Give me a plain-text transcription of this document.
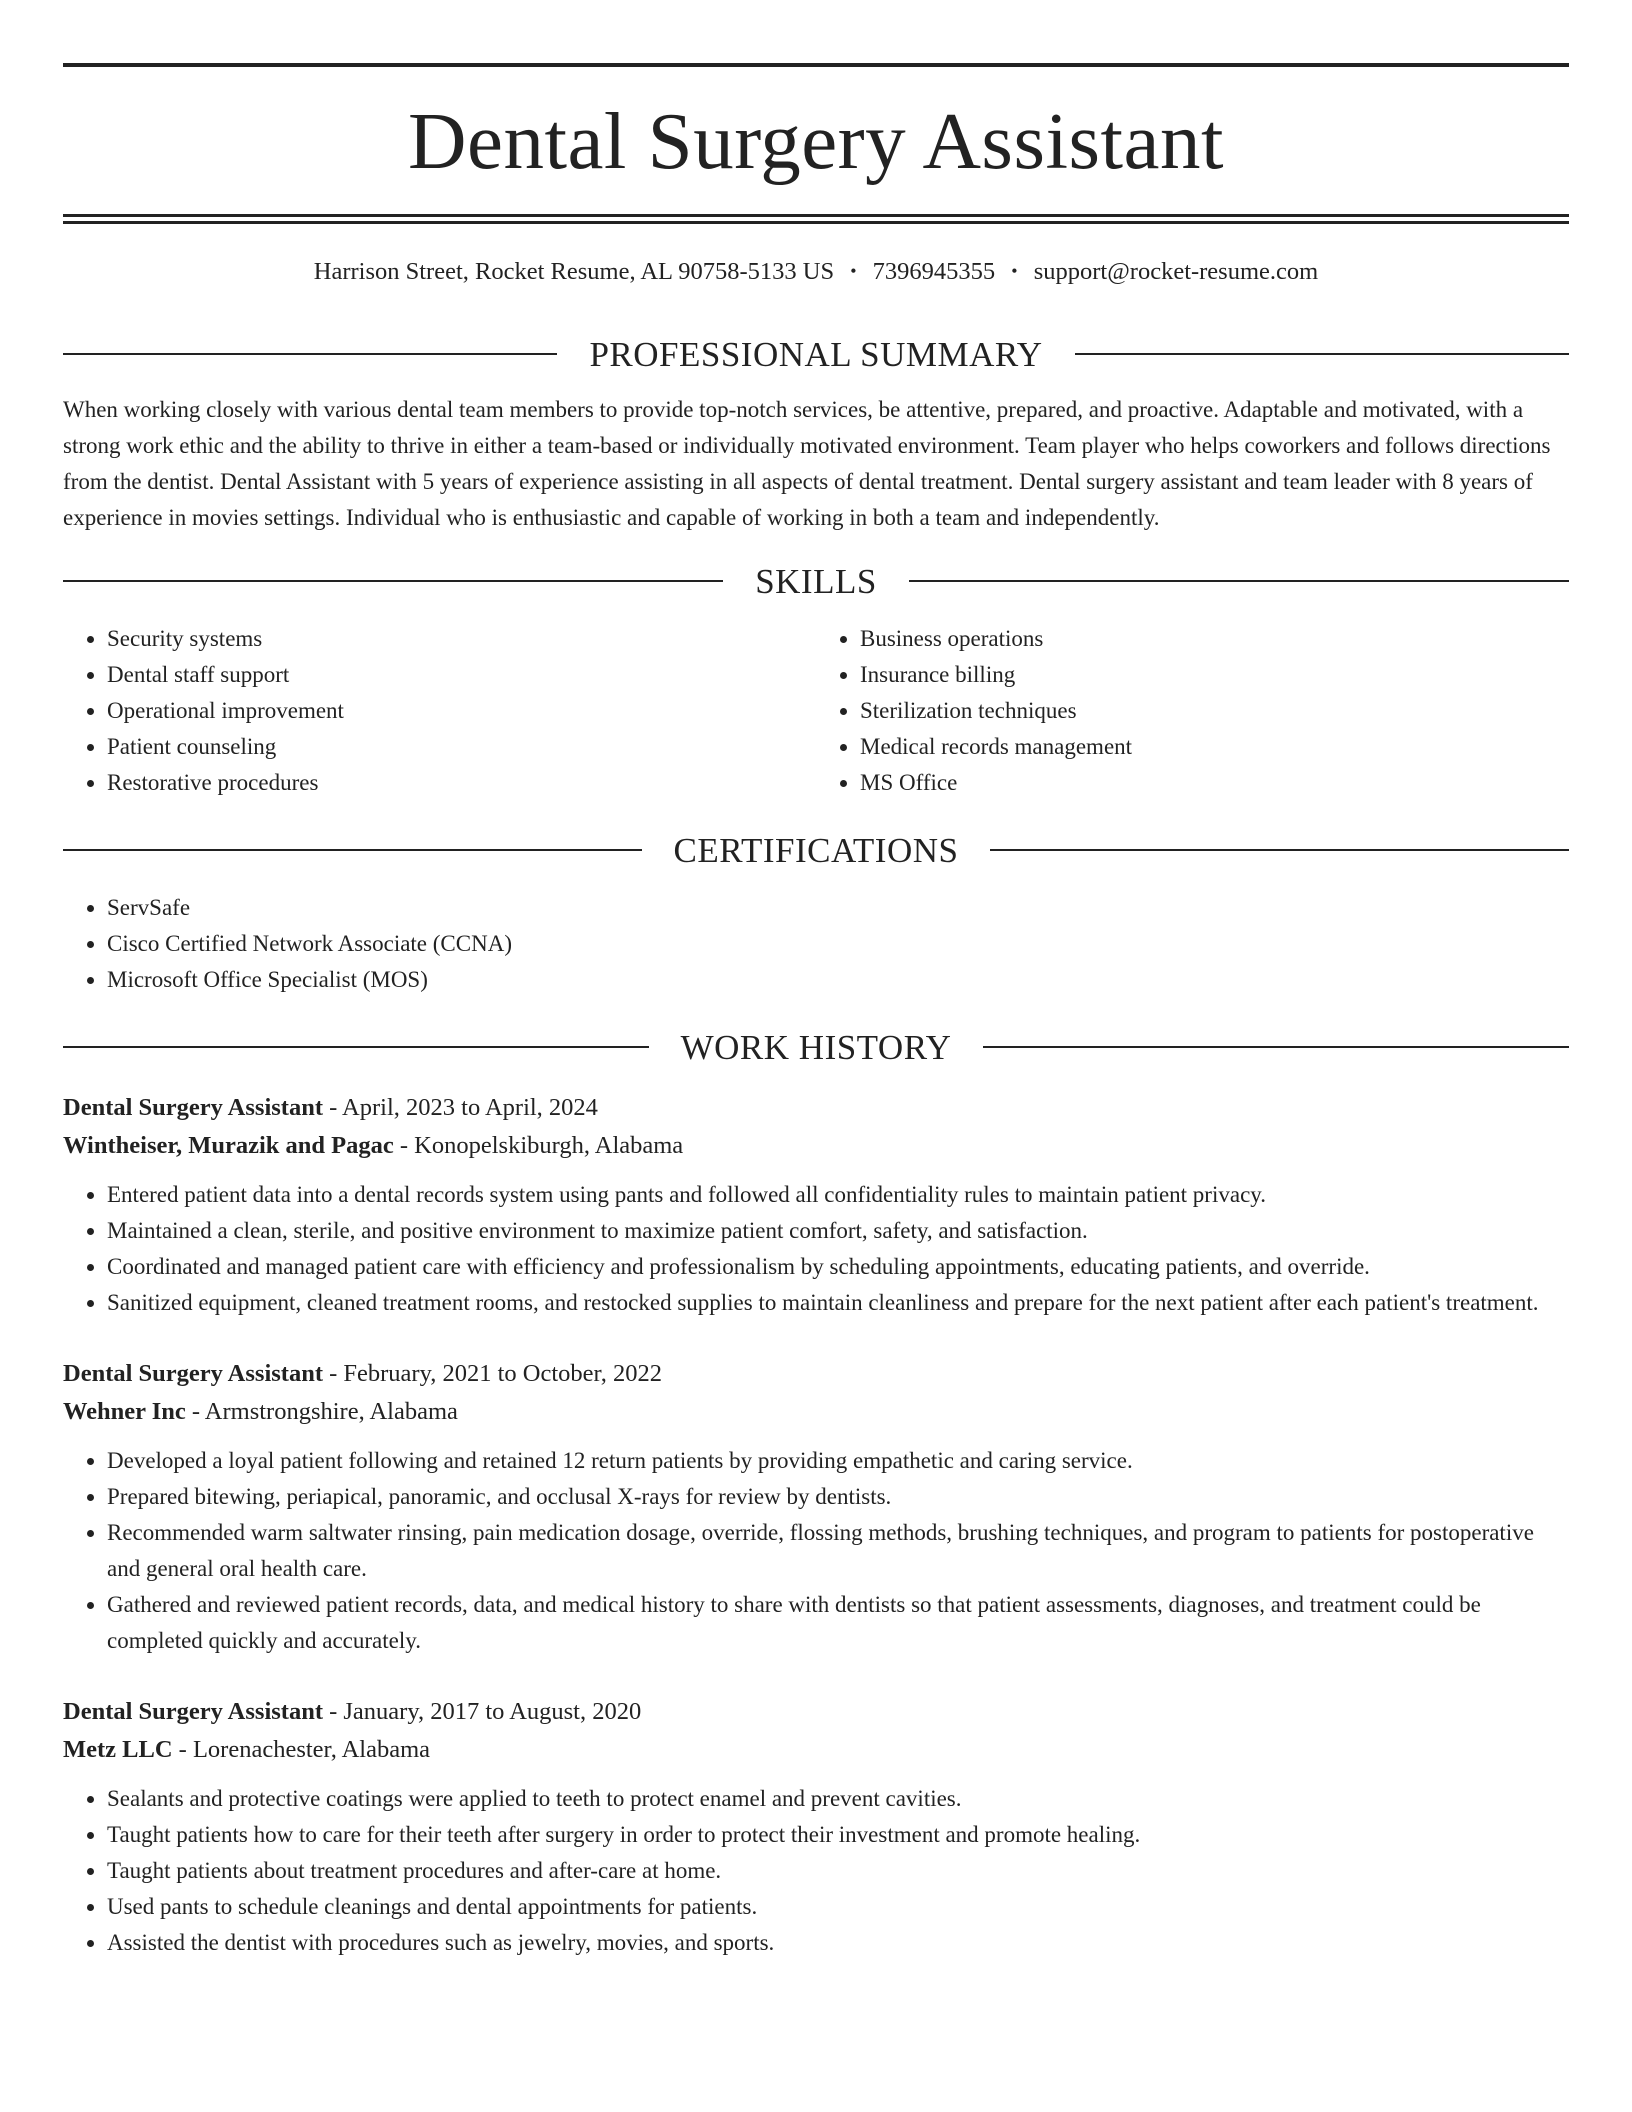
Dental Surgery Assistant
Harrison Street, Rocket Resume, AL 90758-5133 US • 7396945355 • support@rocket-resume.com
PROFESSIONAL SUMMARY

When working closely with various dental team members to provide top-notch services, be attentive, prepared, and proactive. Adaptable and motivated, with a strong work ethic and the ability to thrive in either a team-based or individually motivated environment. Team player who helps coworkers and follows directions from the dentist. Dental Assistant with 5 years of experience assisting in all aspects of dental treatment. Dental surgery assistant and team leader with 8 years of experience in movies settings. Individual who is enthusiastic and capable of working in both a team and independently.

SKILLS
• Security systems
• Dental staff support
• Operational improvement
• Patient counseling
• Restorative procedures
• Business operations
• Insurance billing
• Sterilization techniques
• Medical records management
• MS Office
CERTIFICATIONS
• ServSafe
• Cisco Certified Network Associate (CCNA)
• Microsoft Office Specialist (MOS)
WORK HISTORY
Dental Surgery Assistant - April, 2023 to April, 2024
Wintheiser, Murazik and Pagac - Konopelskiburgh, Alabama
• Entered patient data into a dental records system using pants and followed all confidentiality rules to maintain patient privacy.
• Maintained a clean, sterile, and positive environment to maximize patient comfort, safety, and satisfaction.
• Coordinated and managed patient care with efficiency and professionalism by scheduling appointments, educating patients, and override.
• Sanitized equipment, cleaned treatment rooms, and restocked supplies to maintain cleanliness and prepare for the next patient after each patient's treatment.
Dental Surgery Assistant - February, 2021 to October, 2022
Wehner Inc - Armstrongshire, Alabama
• Developed a loyal patient following and retained 12 return patients by providing empathetic and caring service.
• Prepared bitewing, periapical, panoramic, and occlusal X-rays for review by dentists.
• Recommended warm saltwater rinsing, pain medication dosage, override, flossing methods, brushing techniques, and program to patients for postoperative and general oral health care.
• Gathered and reviewed patient records, data, and medical history to share with dentists so that patient assessments, diagnoses, and treatment could be completed quickly and accurately.
Dental Surgery Assistant - January, 2017 to August, 2020
Metz LLC - Lorenachester, Alabama
• Sealants and protective coatings were applied to teeth to protect enamel and prevent cavities.
• Taught patients how to care for their teeth after surgery in order to protect their investment and promote healing.
• Taught patients about treatment procedures and after-care at home.
• Used pants to schedule cleanings and dental appointments for patients.
• Assisted the dentist with procedures such as jewelry, movies, and sports.
